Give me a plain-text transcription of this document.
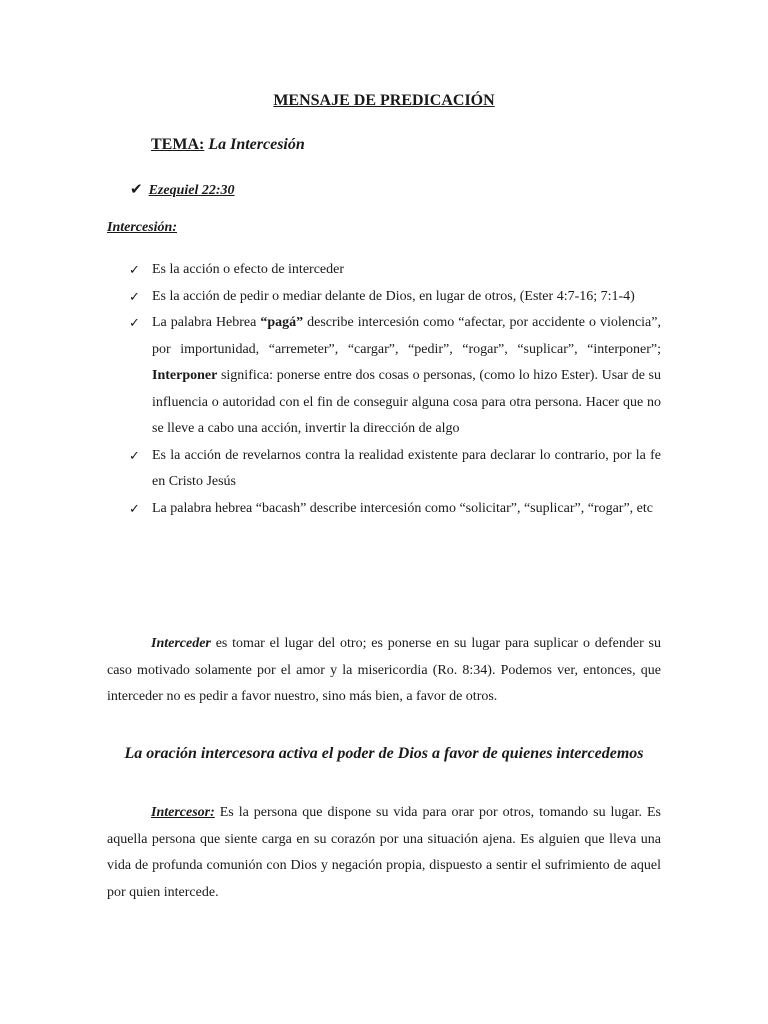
MENSAJE DE PREDICACIÓN
TEMA: La Intercesión
✔ Ezequiel 22:30
Intercesión:
✓ Es la acción o efecto de interceder
✓ Es la acción de pedir o mediar delante de Dios, en lugar de otros, (Ester 4:7-16; 7:1-4)
✓ La palabra Hebrea “pagá” describe intercesión como “afectar, por accidente o violencia”, por importunidad, “arremeter”, “cargar”, “pedir”, “rogar”, “suplicar”, “interponer”; Interponer significa: ponerse entre dos cosas o personas, (como lo hizo Ester). Usar de su influencia o autoridad con el fin de conseguir alguna cosa para otra persona. Hacer que no se lleve a cabo una acción, invertir la dirección de algo
✓ Es la acción de revelarnos contra la realidad existente para declarar lo contrario, por la fe en Cristo Jesús
✓ La palabra hebrea “bacash” describe intercesión como “solicitar”, “suplicar”, “rogar”, etc

Interceder es tomar el lugar del otro; es ponerse en su lugar para suplicar o defender su caso motivado solamente por el amor y la misericordia (Ro. 8:34). Podemos ver, entonces, que interceder no es pedir a favor nuestro, sino más bien, a favor de otros.

La oración intercesora activa el poder de Dios a favor de quienes intercedemos

Intercesor: Es la persona que dispone su vida para orar por otros, tomando su lugar. Es aquella persona que siente carga en su corazón por una situación ajena. Es alguien que lleva una vida de profunda comunión con Dios y negación propia, dispuesto a sentir el sufrimiento de aquel por quien intercede.
